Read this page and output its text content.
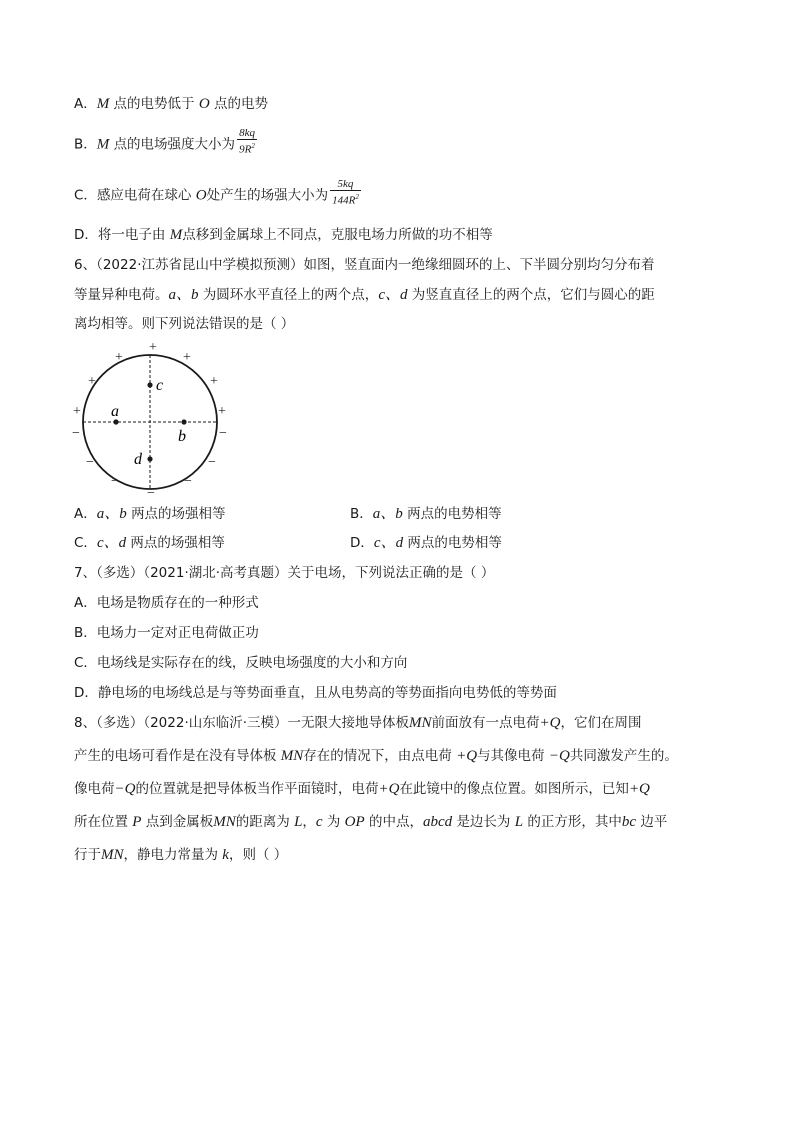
A．M 点的电势低于 O 点的电势
B．M 点的电场强度大小为 $\frac{8kq}{9R^2}$
C．感应电荷在球心 O处产生的场强大小为 $\frac{5kq}{144R^2}$
D．将一电子由 M点移到金属球上不同点，克服电场力所做的功不相等
6、（2022·江苏省昆山中学模拟预测）如图，竖直面内一绝缘细圆环的上、下半圆分别均匀分布着
等量异种电荷。a、b 为圆环水平直径上的两个点，c、d 为竖直直径上的两个点，它们与圆心的距
离均相等。则下列说法错误的是（ ）
a
b
c
d
+
+	+
+	+
+	+
−	−
−	−
−	−
−
A．a、b 两点的场强相等	B．a、b 两点的电势相等
C．c、d 两点的场强相等	D．c、d 两点的电势相等
7、（多选）（2021·湖北·高考真题）关于电场，下列说法正确的是（ ）
A．电场是物质存在的一种形式
B．电场力一定对正电荷做正功
C．电场线是实际存在的线，反映电场强度的大小和方向
D．静电场的电场线总是与等势面垂直，且从电势高的等势面指向电势低的等势面
8、（多选）（2022·山东临沂·三模）一无限大接地导体板MN前面放有一点电荷+Q，它们在周围
产生的电场可看作是在没有导体板 MN存在的情况下，由点电荷 +Q与其像电荷 −Q共同激发产生的。
像电荷−Q的位置就是把导体板当作平面镜时，电荷+Q在此镜中的像点位置。如图所示，已知+Q
所在位置 P 点到金属板MN的距离为 L，c 为 OP 的中点，abcd 是边长为 L 的正方形，其中bc 边平
行于MN，静电力常量为 k，则（ ）
